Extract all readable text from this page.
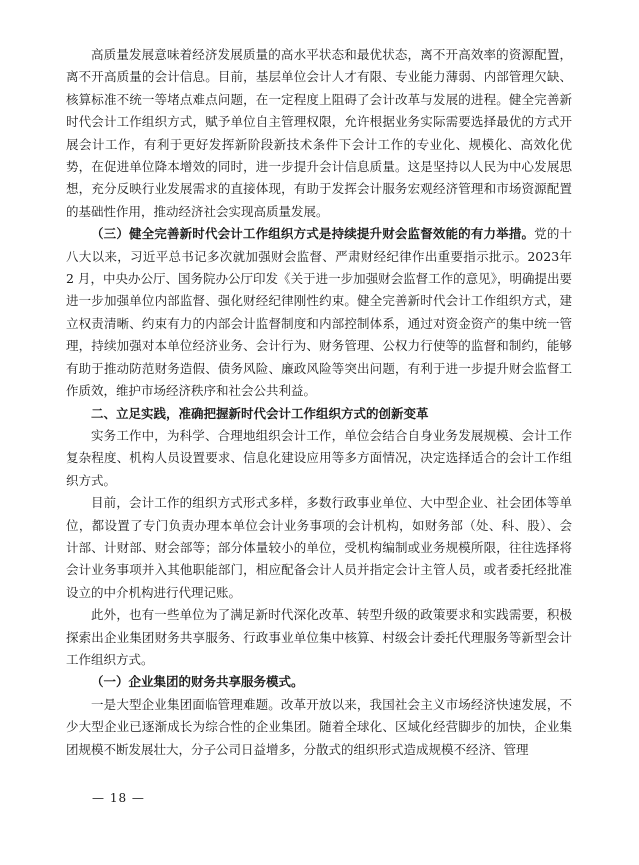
高质量发展意味着经济发展质量的高水平状态和最优状态，离不开高效率的资源配置，离不开高质量的会计信息。目前，基层单位会计人才有限、专业能力薄弱、内部管理欠缺、核算标准不统一等堵点难点问题，在一定程度上阻碍了会计改革与发展的进程。健全完善新时代会计工作组织方式，赋予单位自主管理权限，允许根据业务实际需要选择最优的方式开展会计工作，有利于更好发挥新阶段新技术条件下会计工作的专业化、规模化、高效化优势，在促进单位降本增效的同时，进一步提升会计信息质量。这是坚持以人民为中心发展思想，充分反映行业发展需求的直接体现，有助于发挥会计服务宏观经济管理和市场资源配置的基础性作用，推动经济社会实现高质量发展。

（三）健全完善新时代会计工作组织方式是持续提升财会监督效能的有力举措。党的十八大以来，习近平总书记多次就加强财会监督、严肃财经纪律作出重要指示批示。2023年 2 月，中央办公厅、国务院办公厅印发《关于进一步加强财会监督工作的意见》，明确提出要进一步加强单位内部监督、强化财经纪律刚性约束。健全完善新时代会计工作组织方式，建立权责清晰、约束有力的内部会计监督制度和内部控制体系，通过对资金资产的集中统一管理，持续加强对本单位经济业务、会计行为、财务管理、公权力行使等的监督和制约，能够有助于推动防范财务造假、债务风险、廉政风险等突出问题，有利于进一步提升财会监督工作质效，维护市场经济秩序和社会公共利益。

二、立足实践，准确把握新时代会计工作组织方式的创新变革

实务工作中，为科学、合理地组织会计工作，单位会结合自身业务发展规模、会计工作复杂程度、机构人员设置要求、信息化建设应用等多方面情况，决定选择适合的会计工作组织方式。

目前，会计工作的组织方式形式多样，多数行政事业单位、大中型企业、社会团体等单位，都设置了专门负责办理本单位会计业务事项的会计机构，如财务部（处、科、股）、会计部、计财部、财会部等；部分体量较小的单位，受机构编制或业务规模所限，往往选择将会计业务事项并入其他职能部门，相应配备会计人员并指定会计主管人员，或者委托经批准设立的中介机构进行代理记账。

此外，也有一些单位为了满足新时代深化改革、转型升级的政策要求和实践需要，积极探索出企业集团财务共享服务、行政事业单位集中核算、村级会计委托代理服务等新型会计工作组织方式。

（一）企业集团的财务共享服务模式。

一是大型企业集团面临管理难题。改革开放以来，我国社会主义市场经济快速发展，不少大型企业已逐渐成长为综合性的企业集团。随着全球化、区域化经营脚步的加快，企业集团规模不断发展壮大，分子公司日益增多，分散式的组织形式造成规模不经济、管理

— 18 —
